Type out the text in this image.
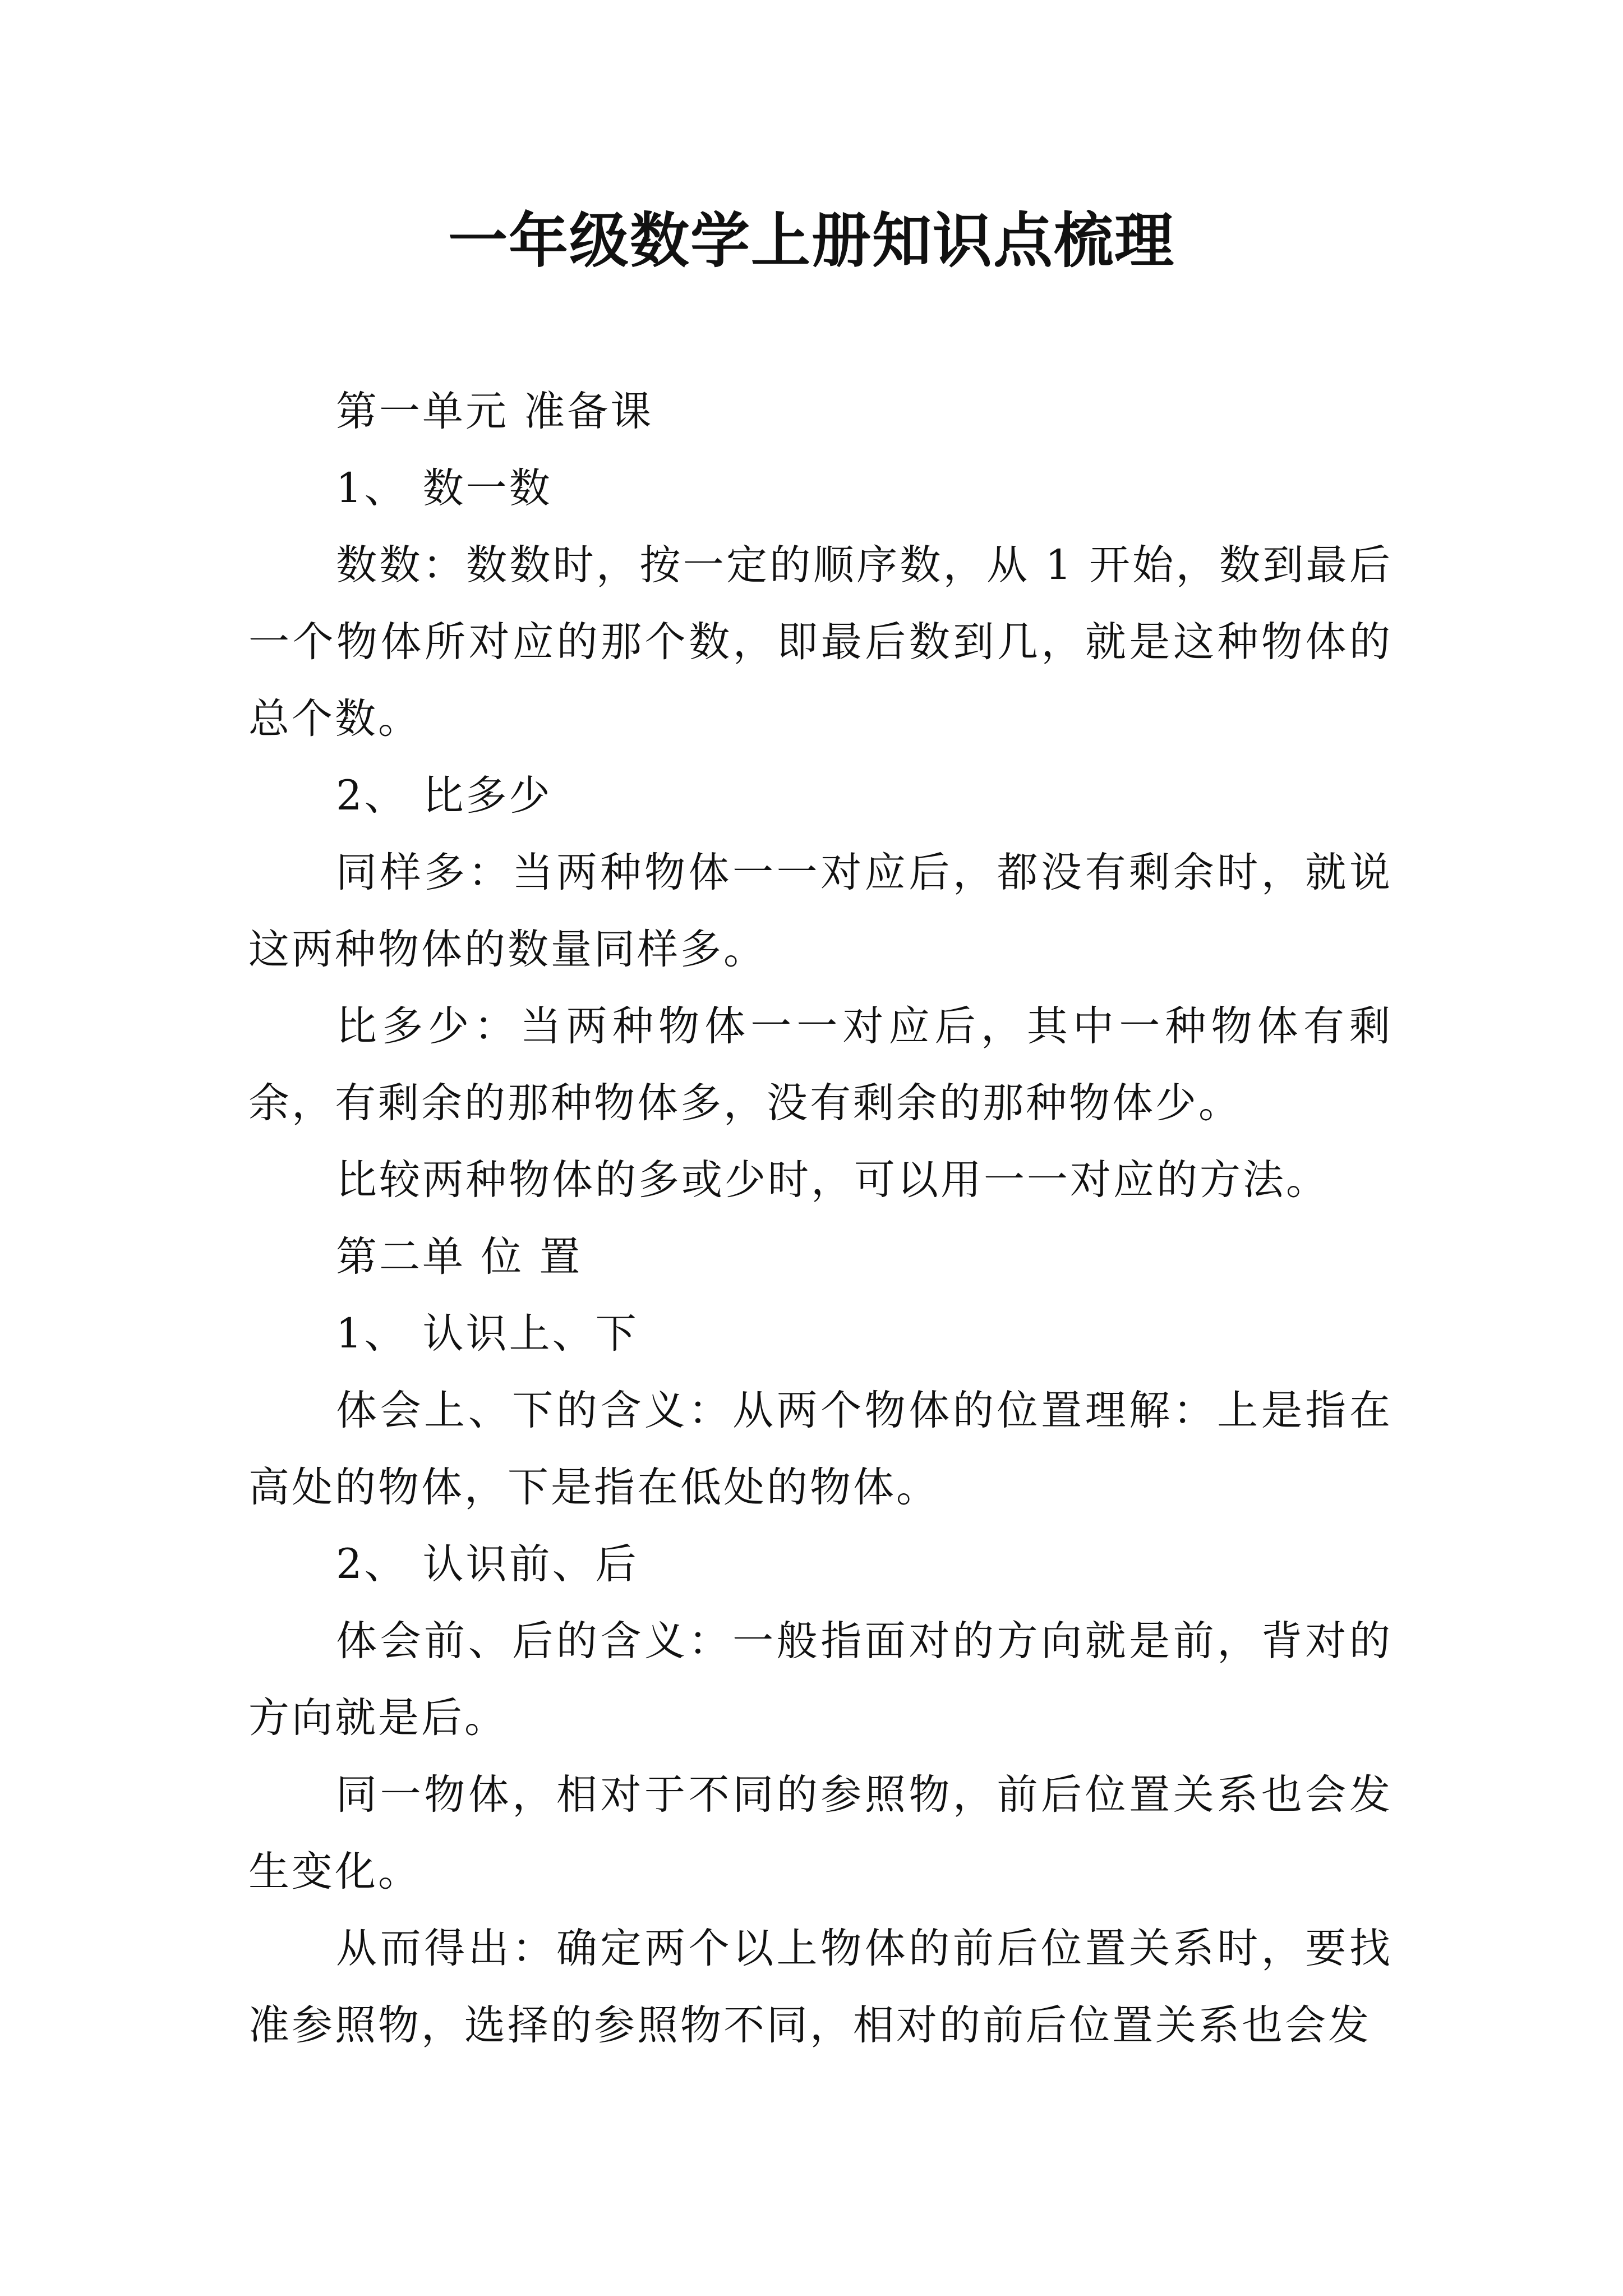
一年级数学上册知识点梳理

第一单元 准备课

1、 数一数

数数：数数时，按一定的顺序数，从 1 开始，数到最后一个物体所对应的那个数，即最后数到几，就是这种物体的总个数。

2、 比多少

同样多：当两种物体一一对应后，都没有剩余时，就说这两种物体的数量同样多。

比多少：当两种物体一一对应后，其中一种物体有剩余，有剩余的那种物体多，没有剩余的那种物体少。

比较两种物体的多或少时，可以用一一对应的方法。

第二单 位 置

1、 认识上、下

体会上、下的含义：从两个物体的位置理解：上是指在高处的物体，下是指在低处的物体。

2、 认识前、后

体会前、后的含义：一般指面对的方向就是前，背对的方向就是后。

同一物体，相对于不同的参照物，前后位置关系也会发生变化。

从而得出：确定两个以上物体的前后位置关系时，要找准参照物，选择的参照物不同，相对的前后位置关系也会发
